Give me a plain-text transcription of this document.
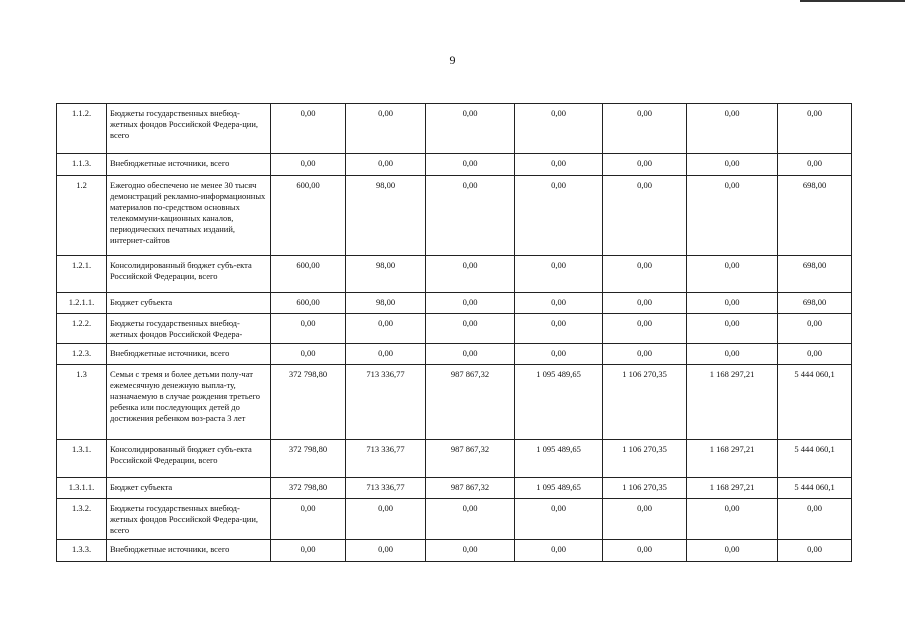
9
1.1.2.	Бюджеты государственных внебюд-жетных фондов Российской Федера-ции, всего	0,00	0,00	0,00	0,00	0,00	0,00	0,00
1.1.3.	Внебюджетные источники, всего	0,00	0,00	0,00	0,00	0,00	0,00	0,00
1.2	Ежегодно обеспечено не менее 30 тысяч демонстраций рекламно-информационных материалов по-средством основных телекоммуни-кационных каналов, периодических печатных изданий, интернет-сайтов	600,00	98,00	0,00	0,00	0,00	0,00	698,00
1.2.1.	Консолидированный бюджет субъ-екта Российской Федерации, всего	600,00	98,00	0,00	0,00	0,00	0,00	698,00
1.2.1.1.	Бюджет субъекта	600,00	98,00	0,00	0,00	0,00	0,00	698,00
1.2.2.	Бюджеты государственных внебюд-жетных фондов Российской Федера-	0,00	0,00	0,00	0,00	0,00	0,00	0,00
1.2.3.	Внебюджетные источники, всего	0,00	0,00	0,00	0,00	0,00	0,00	0,00
1.3	Семьи с тремя и более детьми полу-чат ежемесячную денежную выпла-ту, назначаемую в случае рождения третьего ребенка или последующих детей до достижения ребенком воз-раста 3 лет	372 798,80	713 336,77	987 867,32	1 095 489,65	1 106 270,35	1 168 297,21	5 444 060,1
1.3.1.	Консолидированный бюджет субъ-екта Российской Федерации, всего	372 798,80	713 336,77	987 867,32	1 095 489,65	1 106 270,35	1 168 297,21	5 444 060,1
1.3.1.1.	Бюджет субъекта	372 798,80	713 336,77	987 867,32	1 095 489,65	1 106 270,35	1 168 297,21	5 444 060,1
1.3.2.	Бюджеты государственных внебюд-жетных фондов Российской Федера-ции, всего	0,00	0,00	0,00	0,00	0,00	0,00	0,00
1.3.3.	Внебюджетные источники, всего	0,00	0,00	0,00	0,00	0,00	0,00	0,00
